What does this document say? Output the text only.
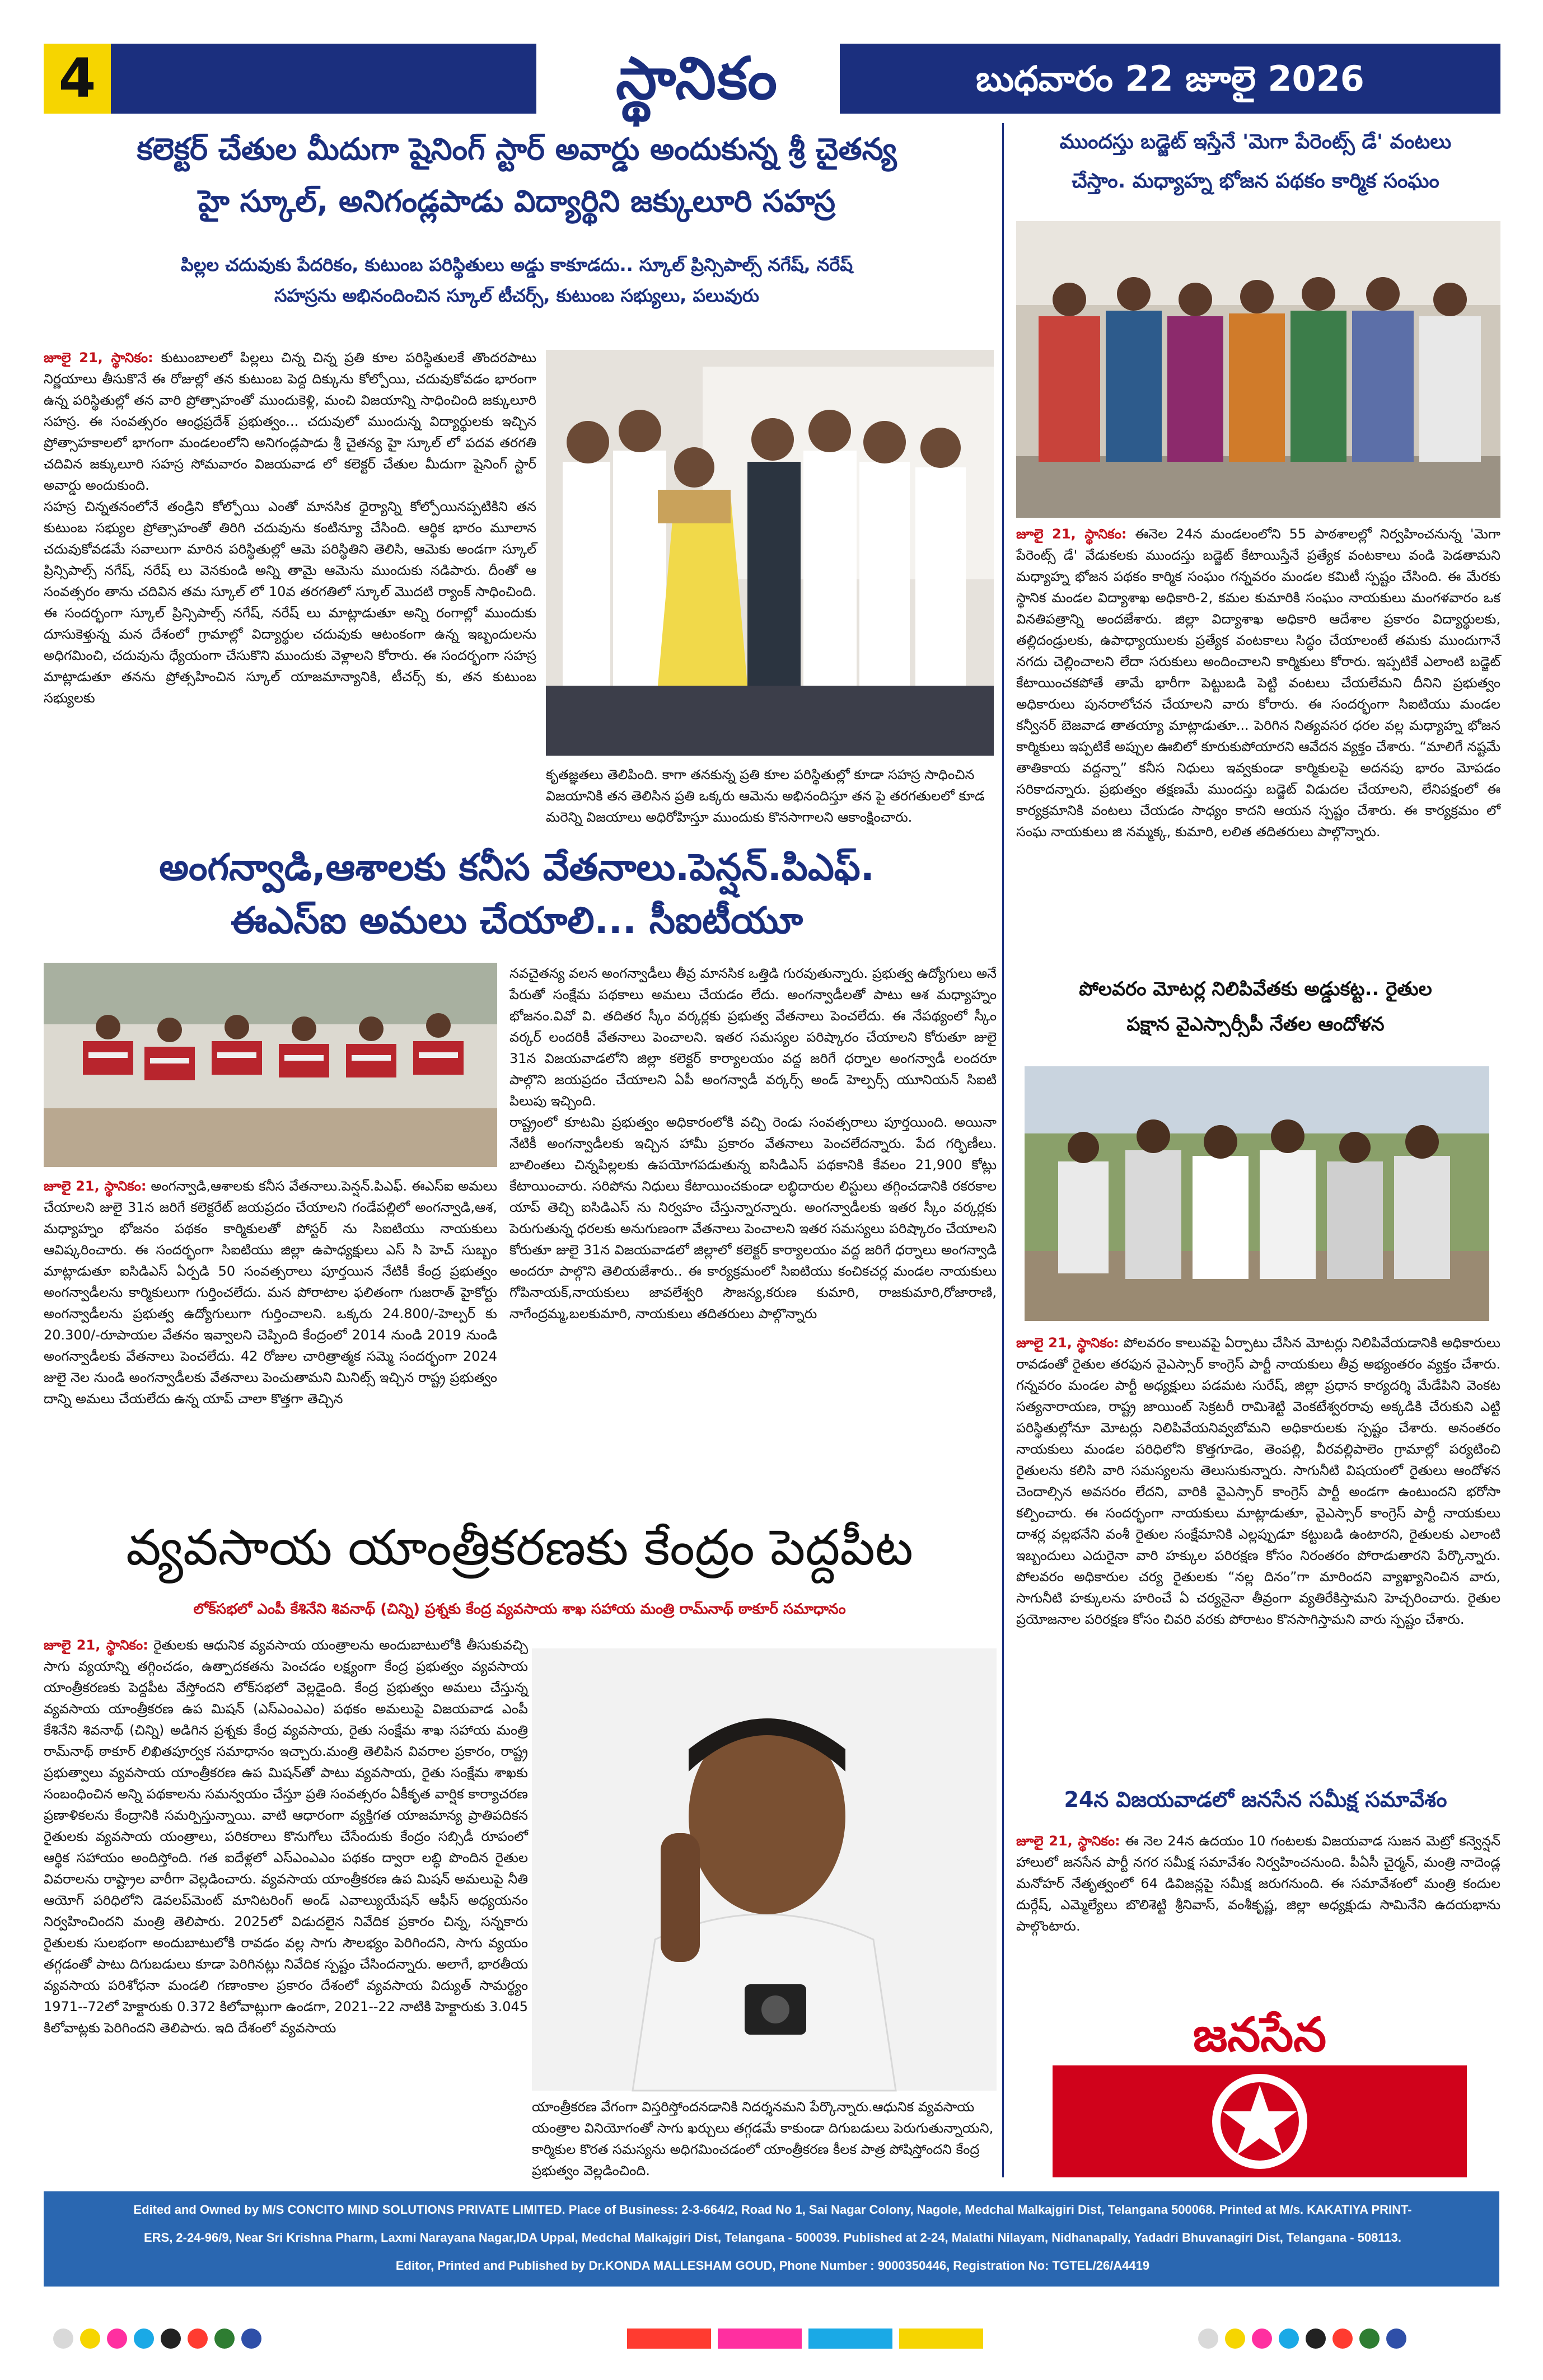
4	స్థానికం	బుధవారం 22 జూలై 2026
కలెక్టర్ చేతుల మీదుగా షైనింగ్ స్టార్ అవార్డు అందుకున్న శ్రీ చైతన్య
హై స్కూల్, అనిగండ్లపాడు విద్యార్థిని జక్కులూరి సహస్ర
పిల్లల చదువుకు పేదరికం, కుటుంబ పరిస్థితులు అడ్డు కాకూడదు.. స్కూల్ ప్రిన్సిపాల్స్ నగేష్, నరేష్
సహస్రను అభినందించిన స్కూల్ టీచర్స్, కుటుంబ సభ్యులు, పలువురు
జూలై 21, స్థానికం: కుటుంబాలలో పిల్లలు చిన్న చిన్న ప్రతి కూల పరిస్థితులకే తొందరపాటు నిర్ణయాలు తీసుకొనే ఈ రోజుల్లో తన కుటుంబ పెద్ద దిక్కును కోల్పోయి, చదువుకోవడం భారంగా ఉన్న పరిస్థితుల్లో తన వారి ప్రోత్సాహంతో ముందుకెళ్లి, మంచి విజయాన్ని సాధించింది జక్కులూరి సహస్ర. ఈ సంవత్సరం ఆంధ్రప్రదేశ్ ప్రభుత్వం... చదువులో ముందున్న విద్యార్థులకు ఇచ్చిన ప్రోత్సాహకాలలో భాగంగా మండలంలోని అనిగండ్లపాడు శ్రీ చైతన్య హై స్కూల్ లో పదవ తరగతి చదివిన జక్కులూరి సహస్ర సోమవారం విజయవాడ లో కలెక్టర్ చేతుల మీదుగా షైనింగ్ స్టార్ అవార్డు అందుకుంది.
సహస్ర చిన్నతనంలోనే తండ్రిని కోల్పోయి ఎంతో మానసిక ధైర్యాన్ని కోల్పోయినప్పటికిని తన కుటుంబ సభ్యుల ప్రోత్సాహంతో తిరిగి చదువును కంటిన్యూ చేసింది. ఆర్థిక భారం మూలాన చదువుకోవడమే సవాలుగా మారిన పరిస్థితుల్లో ఆమె పరిస్థితిని తెలిసి, ఆమెకు అండగా స్కూల్ ప్రిన్సిపాల్స్ నగేష్, నరేష్ లు వెనకుండి అన్ని తామై ఆమెను ముందుకు నడిపారు. దీంతో ఆ సంవత్సరం తాను చదివిన తమ స్కూల్ లో 10వ తరగతిలో స్కూల్ మొదటి ర్యాంక్ సాధించింది. ఈ సందర్భంగా స్కూల్ ప్రిన్సిపాల్స్ నగేష్, నరేష్ లు మాట్లాడుతూ అన్ని రంగాల్లో ముందుకు దూసుకెళ్తున్న మన దేశంలో గ్రామాల్లో విద్యార్థుల చదువుకు ఆటంకంగా ఉన్న ఇబ్బందులను అధిగమించి, చదువును ధ్యేయంగా చేసుకొని ముందుకు వెళ్లాలని కోరారు. ఈ సందర్భంగా సహస్ర మాట్లాడుతూ తనను ప్రోత్సహించిన స్కూల్ యాజమాన్యానికి, టీచర్స్ కు, తన కుటుంబ సభ్యులకు
కృతజ్ఞతలు తెలిపింది. కాగా తనకున్న ప్రతి కూల పరిస్థితుల్లో కూడా సహస్ర సాధించిన విజయానికి తన తెలిసిన ప్రతి ఒక్కరు ఆమెను అభినందిస్తూ తన పై తరగతులలో కూడ మరెన్ని విజయాలు అధిరోహిస్తూ ముందుకు కొనసాగాలని ఆకాంక్షించారు.
అంగన్వాడి,ఆశాలకు కనీస వేతనాలు.పెన్షన్.పిఎఫ్.
ఈఎస్ఐ అమలు చేయాలి... సీఐటీయూ
జూలై 21, స్థానికం: అంగన్వాడి,ఆశాలకు కనీస వేతనాలు.పెన్షన్.పిఎఫ్. ఈఎస్ఐ అమలు చేయాలని జులై 31న జరిగే కలెక్టరేట్ జయప్రదం చేయాలని గండేపల్లిలో అంగన్వాడి,ఆశ, మధ్యాహ్నం భోజనం పథకం కార్మికులతో పోస్టర్ ను సిఐటియు నాయకులు ఆవిష్కరించారు. ఈ సందర్భంగా సిఐటియు జిల్లా ఉపాధ్యక్షులు ఎస్ సి హెచ్ సుబ్బం మాట్లాడుతూ ఐసిడిఎస్ ఏర్పడి 50 సంవత్సరాలు పూర్తయిన నేటికీ కేంద్ర ప్రభుత్వం అంగన్వాడీలను కార్మికులుగా గుర్తించలేదు. మన పోరాటాల ఫలితంగా గుజరాత్ హైకోర్టు అంగన్వాడీలను ప్రభుత్వ ఉద్యోగులుగా గుర్తించాలని. ఒక్కరు 24.800/-హెల్పర్ కు 20.300/-రూపాయల వేతనం ఇవ్వాలని చెప్పింది కేంద్రంలో 2014 నుండి 2019 నుండి అంగన్వాడీలకు వేతనాలు పెంచలేదు. 42 రోజుల చారిత్రాత్మక సమ్మె సందర్భంగా 2024 జులై నెల నుండి అంగన్వాడీలకు వేతనాలు పెంచుతామని మినిట్స్ ఇచ్చిన రాష్ట్ర ప్రభుత్వం దాన్ని అమలు చేయలేదు ఉన్న యాప్ చాలా కొత్తగా తెచ్చిన
నవచైతన్య వలన అంగన్వాడీలు తీవ్ర మానసిక ఒత్తిడి గురవుతున్నారు. ప్రభుత్వ ఉద్యోగులు అనే పేరుతో సంక్షేమ పథకాలు అమలు చేయడం లేదు. అంగన్వాడీలతో పాటు ఆశ మధ్యాహ్నం భోజనం.వివో వి. తదితర స్కీం వర్కర్లకు ప్రభుత్వ వేతనాలు పెంచలేదు. ఈ నేపథ్యంలో స్కీం వర్కర్ లందరికీ వేతనాలు పెంచాలని. ఇతర సమస్యల పరిష్కారం చేయాలని కోరుతూ జులై 31న విజయవాడలోని జిల్లా కలెక్టర్ కార్యాలయం వద్ద జరిగే ధర్నాల అంగన్వాడీ లందరూ పాల్గొని జయప్రదం చేయాలని ఏపీ అంగన్వాడీ వర్కర్స్ అండ్ హెల్పర్స్ యూనియన్ సిఐటి పిలుపు ఇచ్చింది.
రాష్ట్రంలో కూటమి ప్రభుత్వం అధికారంలోకి వచ్చి రెండు సంవత్సరాలు పూర్తయింది. అయినా నేటికీ అంగన్వాడీలకు ఇచ్చిన హామీ ప్రకారం వేతనాలు పెంచలేదన్నారు. పేద గర్భిణీలు. బాలింతలు చిన్నపిల్లలకు ఉపయోగపడుతున్న ఐసిడిఎస్ పథకానికి కేవలం 21,900 కోట్లు కేటాయించారు. సరిపోను నిధులు కేటాయించకుండా లబ్ధిదారుల లిస్టులు తగ్గించడానికి రకరకాల యాప్ తెచ్చి ఐసిడిఎస్ ను నిర్వహం చేస్తున్నారన్నారు. అంగన్వాడీలకు ఇతర స్కీం వర్కర్లకు పెరుగుతున్న ధరలకు అనుగుణంగా వేతనాలు పెంచాలని ఇతర సమస్యలు పరిష్కారం చేయాలని కోరుతూ జులై 31న విజయవాడలో జిల్లాలో కలెక్టర్ కార్యాలయం వద్ద జరిగే ధర్నాలు అంగన్వాడి అందరూ పాల్గొని తెలియజేశారు.. ఈ కార్యక్రమంలో సిఐటియు కంచికచర్ల మండల నాయకులు గోపినాయక్,నాయకులు జావలేశ్వరి సౌజన్య,కరుణ కుమారి, రాజకుమారి,రోజారాణి, నాగేంద్రమ్మ,బలకుమారి, నాయకులు తదితరులు పాల్గొన్నారు
వ్యవసాయ యాంత్రీకరణకు కేంద్రం పెద్దపీట
లోక్‌సభలో ఎంపీ కేశినేని శివనాథ్ (చిన్ని) ప్రశ్నకు కేంద్ర వ్యవసాయ శాఖ సహాయ మంత్రి రామ్‌నాథ్ ఠాకూర్ సమాధానం
జూలై 21, స్థానికం: రైతులకు ఆధునిక వ్యవసాయ యంత్రాలను అందుబాటులోకి తీసుకువచ్చి సాగు వ్యయాన్ని తగ్గించడం, ఉత్పాదకతను పెంచడం లక్ష్యంగా కేంద్ర ప్రభుత్వం వ్యవసాయ యాంత్రీకరణకు పెద్దపీట వేస్తోందని లోక్‌సభలో వెల్లడైంది. కేంద్ర ప్రభుత్వం అమలు చేస్తున్న వ్యవసాయ యాంత్రీకరణ ఉప మిషన్ (ఎస్ఎంఎఎం) పథకం అమలుపై విజయవాడ ఎంపీ కేశినేని శివనాథ్ (చిన్ని) అడిగిన ప్రశ్నకు కేంద్ర వ్యవసాయ, రైతు సంక్షేమ శాఖ సహాయ మంత్రి రామ్‌నాథ్ ఠాకూర్ లిఖితపూర్వక సమాధానం ఇచ్చారు.మంత్రి తెలిపిన వివరాల ప్రకారం, రాష్ట్ర ప్రభుత్వాలు వ్యవసాయ యాంత్రీకరణ ఉప మిషన్‌తో పాటు వ్యవసాయ, రైతు సంక్షేమ శాఖకు సంబంధించిన అన్ని పథకాలను సమన్వయం చేస్తూ ప్రతి సంవత్సరం ఏకీకృత వార్షిక కార్యాచరణ ప్రణాళికలను కేంద్రానికి సమర్పిస్తున్నాయి. వాటి ఆధారంగా వ్యక్తిగత యాజమాన్య ప్రాతిపదికన రైతులకు వ్యవసాయ యంత్రాలు, పరికరాలు కొనుగోలు చేసేందుకు కేంద్రం సబ్సిడీ రూపంలో ఆర్థిక సహాయం అందిస్తోంది. గత ఐదేళ్లలో ఎస్ఎంఎఎం పథకం ద్వారా లబ్ధి పొందిన రైతుల వివరాలను రాష్ట్రాల వారీగా వెల్లడించారు. వ్యవసాయ యాంత్రీకరణ ఉప మిషన్ అమలుపై నీతి ఆయోగ్ పరిధిలోని డెవలప్‌మెంట్ మానిటరింగ్ అండ్ ఎవాల్యుయేషన్ ఆఫీస్ అధ్యయనం నిర్వహించిందని మంత్రి తెలిపారు. 2025లో విడుదలైన నివేదిక ప్రకారం చిన్న, సన్నకారు రైతులకు సులభంగా అందుబాటులోకి రావడం వల్ల సాగు సౌలభ్యం పెరిగిందని, సాగు వ్యయం తగ్గడంతో పాటు దిగుబడులు కూడా పెరిగినట్లు నివేదిక స్పష్టం చేసిందన్నారు. అలాగే, భారతీయ వ్యవసాయ పరిశోధనా మండలి గణాంకాల ప్రకారం దేశంలో వ్యవసాయ విద్యుత్ సామర్థ్యం 1971--72లో హెక్టారుకు 0.372 కిలోవాట్లుగా ఉండగా, 2021--22 నాటికి హెక్టారుకు 3.045 కిలోవాట్లకు పెరిగిందని తెలిపారు. ఇది దేశంలో వ్యవసాయ
యాంత్రీకరణ వేగంగా విస్తరిస్తోందనడానికి నిదర్శనమని పేర్కొన్నారు.ఆధునిక వ్యవసాయ యంత్రాల వినియోగంతో సాగు ఖర్చులు తగ్గడమే కాకుండా దిగుబడులు పెరుగుతున్నాయని, కార్మికుల కొరత సమస్యను అధిగమించడంలో యాంత్రీకరణ కీలక పాత్ర పోషిస్తోందని కేంద్ర ప్రభుత్వం వెల్లడించింది.
ముందస్తు బడ్జెట్ ఇస్తేనే 'మెగా పేరెంట్స్ డే' వంటలు
చేస్తాం. మధ్యాహ్న భోజన పథకం కార్మిక సంఘం
జూలై 21, స్థానికం: ఈనెల 24న మండలంలోని 55 పాఠశాలల్లో నిర్వహించనున్న 'మెగా పేరెంట్స్ డే' వేడుకలకు ముందస్తు బడ్జెట్ కేటాయిస్తేనే ప్రత్యేక వంటకాలు వండి పెడతామని మధ్యాహ్న భోజన పథకం కార్మిక సంఘం గన్నవరం మండల కమిటీ స్పష్టం చేసింది. ఈ మేరకు స్థానిక మండల విద్యాశాఖ అధికారి-2, కమల కుమారికి సంఘం నాయకులు మంగళవారం ఒక వినతిపత్రాన్ని అందజేశారు. జిల్లా విద్యాశాఖ అధికారి ఆదేశాల ప్రకారం విద్యార్థులకు, తల్లిదండ్రులకు, ఉపాధ్యాయులకు ప్రత్యేక వంటకాలు సిద్ధం చేయాలంటే తమకు ముందుగానే నగదు చెల్లించాలని లేదా సరుకులు అందించాలని కార్మికులు కోరారు. ఇప్పటికే ఎలాంటి బడ్జెట్ కేటాయించకపోతే తామే భారీగా పెట్టుబడి పెట్టి వంటలు చేయలేమని దీనిని ప్రభుత్వం అధికారులు పునరాలోచన చేయాలని వారు కోరారు. ఈ సందర్భంగా సిఐటియు మండల కన్వీనర్ బెజవాడ తాతయ్యా మాట్లాడుతూ... పెరిగిన నిత్యవసర ధరల వల్ల మధ్యాహ్న భోజన కార్మికులు ఇప్పటికే అప్పుల ఊబిలో కూరుకుపోయారని ఆవేదన వ్యక్తం చేశారు. “మాలిగే నష్టమే తాతికాయ వద్దన్నా” కనీస నిధులు ఇవ్వకుండా కార్మికులపై అదనపు భారం మోపడం సరికాదన్నారు. ప్రభుత్వం తక్షణమే ముందస్తు బడ్జెట్ విడుదల చేయాలని, లేనిపక్షంలో ఈ కార్యక్రమానికి వంటలు చేయడం సాధ్యం కాదని ఆయన స్పష్టం చేశారు. ఈ కార్యక్రమం లో సంఘ నాయకులు జి నమ్మక్క, కుమారి, లలిత తదితరులు పాల్గొన్నారు.
పోలవరం మోటర్ల నిలిపివేతకు అడ్డుకట్ట.. రైతుల
పక్షాన వైఎస్సార్సీపీ నేతల ఆందోళన
జూలై 21, స్థానికం: పోలవరం కాలువపై ఏర్పాటు చేసిన మోటర్లు నిలిపివేయడానికి అధికారులు రావడంతో రైతుల తరఫున వైఎస్సార్ కాంగ్రెస్ పార్టీ నాయకులు తీవ్ర అభ్యంతరం వ్యక్తం చేశారు. గన్నవరం మండల పార్టీ అధ్యక్షులు పడమట సురేష్, జిల్లా ప్రధాన కార్యదర్శి మేడేపిని వెంకట సత్యనారాయణ, రాష్ట్ర జాయింట్ సెక్రటరీ రామిశెట్టి వెంకటేశ్వరరావు అక్కడికి చేరుకుని ఎట్టి పరిస్థితుల్లోనూ మోటర్లు నిలిపివేయనివ్వబోమని అధికారులకు స్పష్టం చేశారు. అనంతరం నాయకులు మండల పరిధిలోని కొత్తగూడెం, తెంపల్లి, వీరవల్లిపాలెం గ్రామాల్లో పర్యటించి రైతులను కలిసి వారి సమస్యలను తెలుసుకున్నారు. సాగునీటి విషయంలో రైతులు ఆందోళన చెందాల్సిన అవసరం లేదని, వారికి వైఎస్సార్ కాంగ్రెస్ పార్టీ అండగా ఉంటుందని భరోసా కల్పించారు. ఈ సందర్భంగా నాయకులు మాట్లాడుతూ, వైఎస్సార్ కాంగ్రెస్ పార్టీ నాయకులు దాశర్ల వల్లభనేని వంశీ రైతుల సంక్షేమానికి ఎల్లప్పుడూ కట్టుబడి ఉంటారని, రైతులకు ఎలాంటి ఇబ్బందులు ఎదురైనా వారి హక్కుల పరిరక్షణ కోసం నిరంతరం పోరాడుతారని పేర్కొన్నారు. పోలవరం అధికారుల చర్య రైతులకు “నల్ల దినం”గా మారిందని వ్యాఖ్యానించిన వారు, సాగునీటి హక్కులను హరించే ఏ చర్యనైనా తీవ్రంగా వ్యతిరేకిస్తామని హెచ్చరించారు. రైతుల ప్రయోజనాల పరిరక్షణ కోసం చివరి వరకు పోరాటం కొనసాగిస్తామని వారు స్పష్టం చేశారు.
24న విజయవాడలో జనసేన సమీక్ష సమావేశం
జూలై 21, స్థానికం: ఈ నెల 24న ఉదయం 10 గంటలకు విజయవాడ సుజన మెట్రో కన్వెన్షన్ హాలులో జనసేన పార్టీ నగర సమీక్ష సమావేశం నిర్వహించనుంది. పీఏసీ చైర్మన్, మంత్రి నాదెండ్ల మనోహర్ నేతృత్వంలో 64 డివిజన్లపై సమీక్ష జరుగనుంది. ఈ సమావేశంలో మంత్రి కందుల దుర్గేష్, ఎమ్మెల్యేలు బొలిశెట్టి శ్రీనివాస్, వంశీకృష్ణ, జిల్లా అధ్యక్షుడు సామినేని ఉదయభాను పాల్గొంటారు.
జనసేన
Edited and Owned by M/S CONCITO MIND SOLUTIONS PRIVATE LIMITED. Place of Business: 2-3-664/2, Road No 1, Sai Nagar Colony, Nagole, Medchal Malkajgiri Dist, Telangana 500068. Printed at M/s. KAKATIYA PRINT-
ERS, 2-24-96/9, Near Sri Krishna Pharm, Laxmi Narayana Nagar,IDA Uppal, Medchal Malkajgiri Dist, Telangana - 500039. Published at 2-24, Malathi Nilayam, Nidhanapally, Yadadri Bhuvanagiri Dist, Telangana - 508113.
Editor, Printed and Published by Dr.KONDA MALLESHAM GOUD, Phone Number : 9000350446, Registration No: TGTEL/26/A4419
